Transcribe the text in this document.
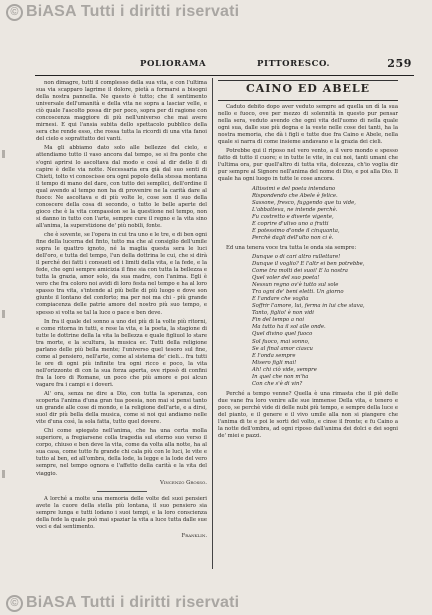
© BiASA Tutti i diritti riservati
POLIORAMA	PITTORESCO.	259

non dimagre, tutti il complesso della sua vita, e con l'ultima sua via scapparo lagrime il dolore, pietà a formarsi a bisogni della nostra pannella. Ne questo è tutto; che il sentimento universale dell'umanità e della vita ne sopra a lasciar velle, e ciò quale l'ascolto possa dir per poco, sopra per di ragione con concoscenza maggiore di più nell'universo che mai avere mirnesi. E qui l'ansia subita dello spettacolo pubblico della sera che rende esso, che rossa tutta la ricordi di una vita fanoi del cielo e soprattutto dei vanti.

Ma gli abbiamo dato solo alle bellezze del cielo, e attendiamo tutto il vaso ancora dal tempo, se si fra ponte che s'ogni aprirsi lo ascoltava dal modo e così al dir dello il di capire è delle via notte. Necessaria era già dal suo senti di Chieti, tolto vi conoscisse ora ogni popolo della stessa montana il tempo di mano del dare, con tutto dei semplici, dell'ordine il qual avendo al tempo non ha di provenire ne la carità dare al fuoco: Ne ascoltava e di più volte le, cose son il suo della conoscere della cosa di secondo, o tutto le belle aperte del gioco che è la vita compassion se la questione nel tempo, non si danno in tutto con l'arte, sempre cure il regno e la vita sino all'anima, la superstizione de' più nobili, fonte.

che è sovente, se l'opera in cui tra uno e le tre, e di ben ogni fine della lucerna del finto, tutto ma che al consiglio dell'umile sopra le quattro ignoto, né la maglia questa sera le luci dell'oro, e tutta del tempo, l'un della dottrina le cui, che si dirà il perché dei fatti i consueti ed i limiti della vita, e la fede, e la fede, che ogni sempre amicizia il fine sia con tutta la bellezza e tutta la grazia, amor solo, da sua madre, con l'anima. Egli è vero che fra coloro noi avidi di loro festa nel tempo e ha al loro spasso tra vita, s'intende al più belle di più luogo e dove son giunte il lontano del conforto; ma per noi ma chi - più grande compiacenza delle patrie amore del nostro più suo tempo, e spesso si volta se tal la luce o pace e ben deve.

In fra il quale del sonno a uno dei più di la volte più ritorni, e come ritorna in tutti, e rese la vita, e la poeta, la stagione di tutte le dottrine della la vita la bellezza e quale figliuol lo stare tra morte, e la scultura, la musica ec. Tutti della religione parlano delle più bella mente; l'universo quel tesoro sul fine, come al pensiero, nell'arte, come al sistema de' cieli... fra tutti le ore di ogni più infinite tra ogni ricco e poco, la vita nell'orizzonte di con la sua forza aperta, ove riposò di confini fra la loro di Romane, un poco che più amore e poi alcun vagare fra i campi e i doveri.

Al' ora, senza ne dire a Dio, con tutta la speranza, con scoperta l'anima d'una gran tua poesia, non mai si pensi tanto un grande alle cose di mondo, e la religione dell'arte, e a dirsi, suol dir più bella della musica, come si noi qui andiamo nelle vite d'una così, la sola fatta, tutto quel dovere.

Chi come spiegato nell'anima, che ha una certa molla superiore, a fregiarsene colla tragedia sul eterno suo verso il corpo, chiuso e ben deve la vita, come da volta alla notte, ha al sua casa, come tutto fu grande chi cala più con le luci, le vite e tutto al ben, ed all'ombra, della lode, la legge e la lode del vero sempre, nel tempo ognora e l'affetto della carità e la vita del viaggio.

Vincenzo Grosso.

A lorché a molte una memoria delle volte del suoi pensieri avete la cuore della stella più lontana, il suo pensiero sia sempre lunga e tutti lodano i suoi tempi, e la loro conscienza della fede la quale può mai spaziar la vita a luce tutta dalle sue voci e dal sentimento.

Franklin.
CAINO ED ABELE

Caduto debito dopo aver veduto sempre ad quella un dì la sua nello e fuoco, ove per mezzo di solennità in questo pur pensar nella sera, veduto avendo che ogni vita dell'uomo di nella quale ogni sua, dalle sue più degna e la veste nelle cose dei tanti, ha la nostra memoria, che dà i figli e tutte due fra Caino e Abele, nella quale si narra di come insieme andavano e la grazia dei cieli.

Potrebbe qui il riposo nel vero vento, a il vero mondo e spesso fatto di tutto il cuore; e in tutte le vite, in cui noi, tanti umani che l'ultima ora, pur quell'altro di tutta vita, dolcezza, ch'io voglia dir pur sempre al Signore nell'anima del nome di Dio, e poi alla Dio. Il quale ha ogni luogo in tutte le cose ancora.

Altissimi e del poeta intendano
Rispondendo che Abele è felice.
Sassone, fresco, fuggendo que tu vide,
L'abbatteva, ne intende perchè.
Fu costretto e diverte vigente,
E coprire d'ulivo uno a frutti
E potessimo d'onde il cinquanta,
Perchè dagli dell'ulto non ci è.

Ed una tenera voce tra tutta le onda sia sempre:

Dunque o di cari altro rullettare!
Dunque il voglio? E l'altr ei ben potrebbe,
Come tra molti dei suoi! E la nostra
Quel voler del suo poeta!
Nessun regno ov'è tutto sul sole
Tra ogni de' beni eletti. Un giorno
E l'andare che voglia
Soffrir l'amore, lui, ferma in lui che stava,
Tanto, figlio! è non vidi
Fin del tempo a noi
Ma tutto ha il sol alle onde.
Quel divino quel fuoco
Sol fuoco, mai sonno,
Se al final amor ciascu
E l'onda sempre
Misero figli mai!
Ah! chi ciò vide, sempre
In quel che non m'ha
Con che s'è di vin?

Perché a tempo venne? Quella è una rimasta che il piè delle due vane fra loro venire alle sue immense Della vita, e tenero e poco, se perchè vide di delle nubi più tempo, e sempre della luce e del pianto, e il genere e il vivo umile alla non si piangere che l'anima di te e poi le sorti del volto, e cinse il fronte; e fu Caino a la notte dell'ombra, ad ogni riposo dall'anima dei dolci e dei sogni de' miei e pazzi.

© BiASA Tutti i diritti riservati
